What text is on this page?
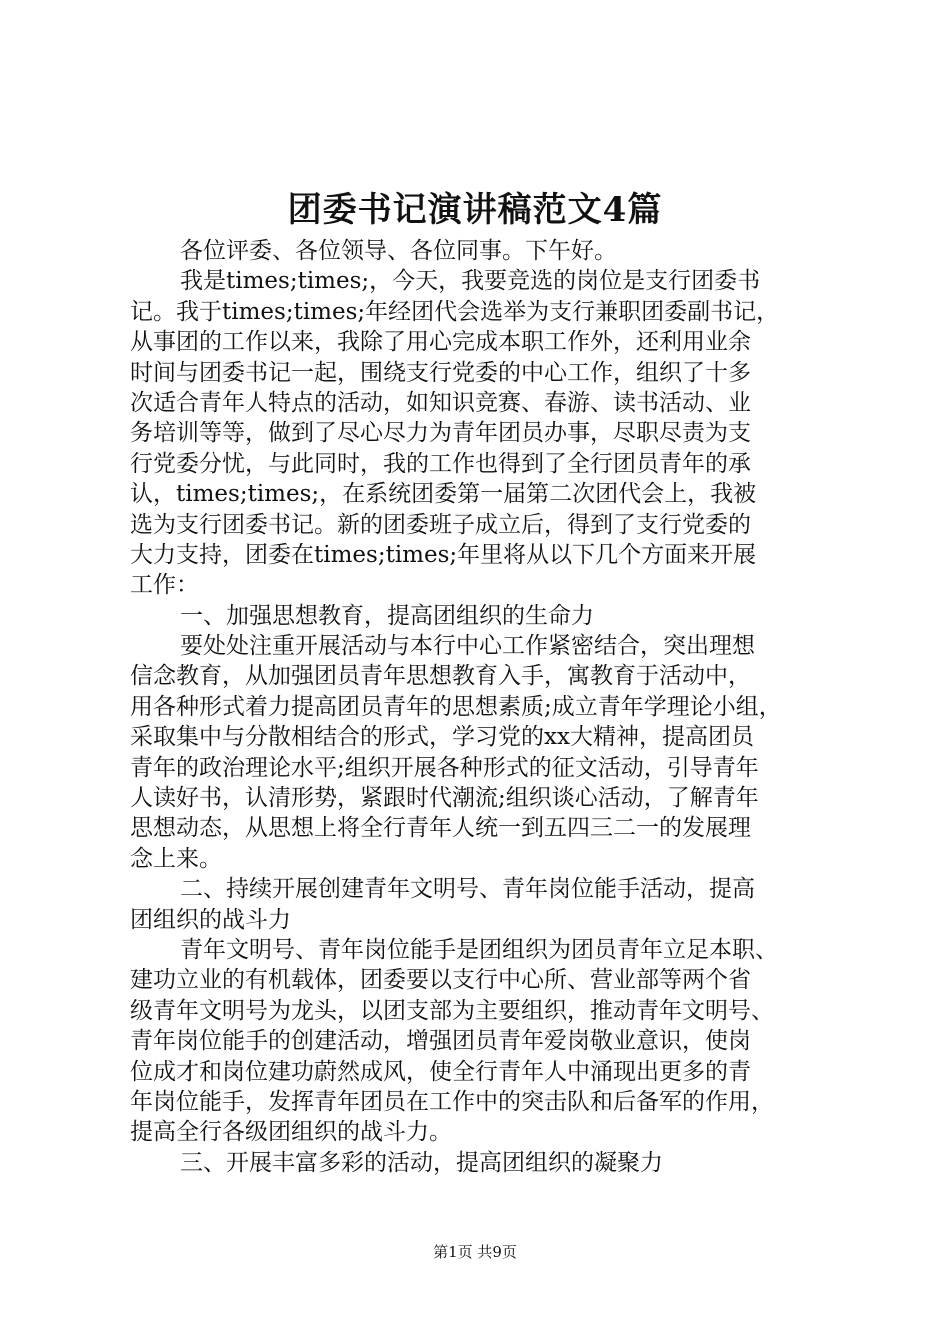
团委书记演讲稿范文4篇
各位评委、各位领导、各位同事。下午好。
我是times;times;，今天，我要竞选的岗位是支行团委书
记。我于times;times;年经团代会选举为支行兼职团委副书记，
从事团的工作以来，我除了用心完成本职工作外，还利用业余
时间与团委书记一起，围绕支行党委的中心工作，组织了十多
次适合青年人特点的活动，如知识竞赛、春游、读书活动、业
务培训等等，做到了尽心尽力为青年团员办事，尽职尽责为支
行党委分忧，与此同时，我的工作也得到了全行团员青年的承
认，times;times;，在系统团委第一届第二次团代会上，我被
选为支行团委书记。新的团委班子成立后，得到了支行党委的
大力支持，团委在times;times;年里将从以下几个方面来开展
工作：
一、加强思想教育，提高团组织的生命力
要处处注重开展活动与本行中心工作紧密结合，突出理想
信念教育，从加强团员青年思想教育入手，寓教育于活动中，
用各种形式着力提高团员青年的思想素质;成立青年学理论小组，
采取集中与分散相结合的形式，学习党的xx大精神，提高团员
青年的政治理论水平;组织开展各种形式的征文活动，引导青年
人读好书，认清形势，紧跟时代潮流;组织谈心活动，了解青年
思想动态，从思想上将全行青年人统一到五四三二一的发展理
念上来。
二、持续开展创建青年文明号、青年岗位能手活动，提高
团组织的战斗力
青年文明号、青年岗位能手是团组织为团员青年立足本职、
建功立业的有机载体，团委要以支行中心所、营业部等两个省
级青年文明号为龙头，以团支部为主要组织，推动青年文明号、
青年岗位能手的创建活动，增强团员青年爱岗敬业意识，使岗
位成才和岗位建功蔚然成风，使全行青年人中涌现出更多的青
年岗位能手，发挥青年团员在工作中的突击队和后备军的作用，
提高全行各级团组织的战斗力。
三、开展丰富多彩的活动，提高团组织的凝聚力
第1页 共9页
